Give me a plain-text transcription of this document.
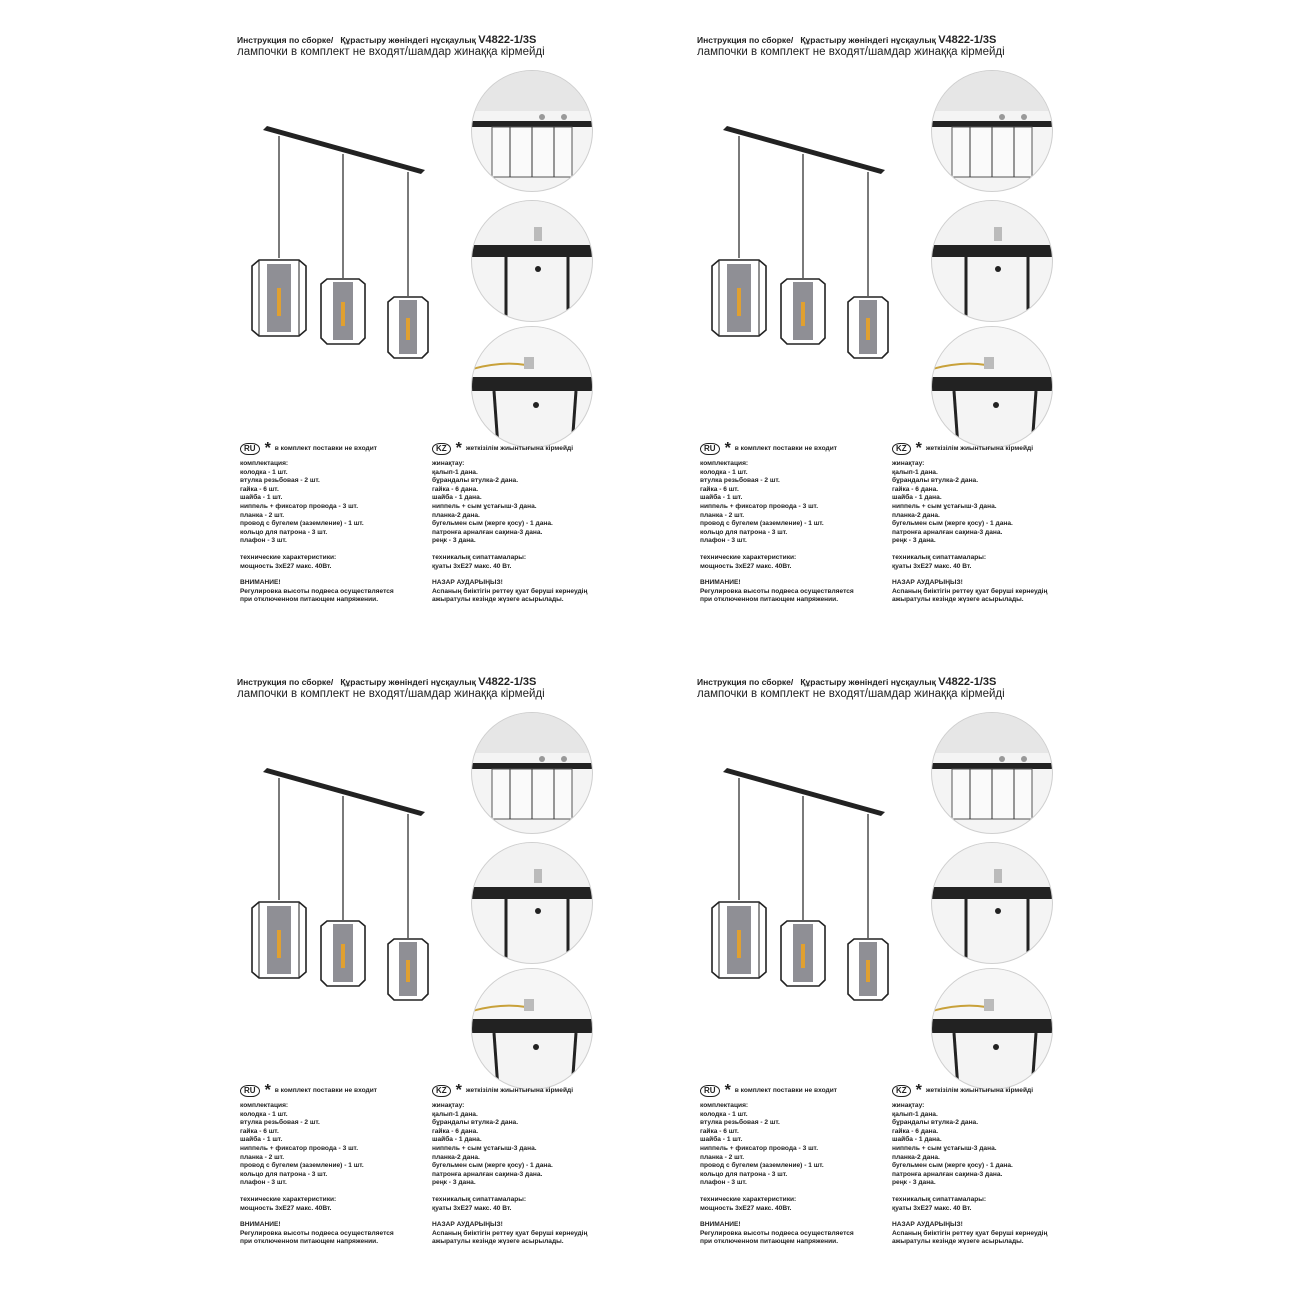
Инструкция по сборке/ Құрастыру жөніндегі нұсқаулық V4822-1/3S
лампочки в комплект не входят/шамдар жинаққа кірмейді
RU * в комплект поставки не входит
комплектация:
колодка - 1 шт.
втулка резьбовая - 2 шт.
гайка - 6 шт.
шайба - 1 шт.
ниппель + фиксатор провода - 3 шт.
планка - 2 шт.
провод с бугелем (заземление) - 1 шт.
кольцо для патрона - 3 шт.
плафон - 3 шт.
технические характеристики:
мощность 3хЕ27 макс. 40Вт.
ВНИМАНИЕ!
Регулировка высоты подвеса осуществляется
при отключенном питающем напряжении.
KZ * жеткізілім жиынтығына кірмейді
жинақтау:
қалып-1 дана.
бұрандалы втулка-2 дана.
гайка - 6 дана.
шайба - 1 дана.
ниппель + сым ұстағыш-3 дана.
планка-2 дана.
бугельмен сым (жерге қосу) - 1 дана.
патронға арналған сақина-3 дана.
реңк - 3 дана.
техникалық сипаттамалары:
қуаты 3хЕ27 макс. 40 Вт.
НАЗАР АУДАРЫҢЫЗ!
Аспаның биіктігін реттеу қуат беруші кернеудің
ажыратулы кезінде жүзеге асырылады.
Инструкция по сборке/ Құрастыру жөніндегі нұсқаулық V4822-1/3S
лампочки в комплект не входят/шамдар жинаққа кірмейді
RU * в комплект поставки не входит
комплектация:
колодка - 1 шт.
втулка резьбовая - 2 шт.
гайка - 6 шт.
шайба - 1 шт.
ниппель + фиксатор провода - 3 шт.
планка - 2 шт.
провод с бугелем (заземление) - 1 шт.
кольцо для патрона - 3 шт.
плафон - 3 шт.
технические характеристики:
мощность 3хЕ27 макс. 40Вт.
ВНИМАНИЕ!
Регулировка высоты подвеса осуществляется
при отключенном питающем напряжении.
KZ * жеткізілім жиынтығына кірмейді
жинақтау:
қалып-1 дана.
бұрандалы втулка-2 дана.
гайка - 6 дана.
шайба - 1 дана.
ниппель + сым ұстағыш-3 дана.
планка-2 дана.
бугельмен сым (жерге қосу) - 1 дана.
патронға арналған сақина-3 дана.
реңк - 3 дана.
техникалық сипаттамалары:
қуаты 3хЕ27 макс. 40 Вт.
НАЗАР АУДАРЫҢЫЗ!
Аспаның биіктігін реттеу қуат беруші кернеудің
ажыратулы кезінде жүзеге асырылады.
Инструкция по сборке/ Құрастыру жөніндегі нұсқаулық V4822-1/3S
лампочки в комплект не входят/шамдар жинаққа кірмейді
RU * в комплект поставки не входит
комплектация:
колодка - 1 шт.
втулка резьбовая - 2 шт.
гайка - 6 шт.
шайба - 1 шт.
ниппель + фиксатор провода - 3 шт.
планка - 2 шт.
провод с бугелем (заземление) - 1 шт.
кольцо для патрона - 3 шт.
плафон - 3 шт.
технические характеристики:
мощность 3хЕ27 макс. 40Вт.
ВНИМАНИЕ!
Регулировка высоты подвеса осуществляется
при отключенном питающем напряжении.
KZ * жеткізілім жиынтығына кірмейді
жинақтау:
қалып-1 дана.
бұрандалы втулка-2 дана.
гайка - 6 дана.
шайба - 1 дана.
ниппель + сым ұстағыш-3 дана.
планка-2 дана.
бугельмен сым (жерге қосу) - 1 дана.
патронға арналған сақина-3 дана.
реңк - 3 дана.
техникалық сипаттамалары:
қуаты 3хЕ27 макс. 40 Вт.
НАЗАР АУДАРЫҢЫЗ!
Аспаның биіктігін реттеу қуат беруші кернеудің
ажыратулы кезінде жүзеге асырылады.
Инструкция по сборке/ Құрастыру жөніндегі нұсқаулық V4822-1/3S
лампочки в комплект не входят/шамдар жинаққа кірмейді
RU * в комплект поставки не входит
комплектация:
колодка - 1 шт.
втулка резьбовая - 2 шт.
гайка - 6 шт.
шайба - 1 шт.
ниппель + фиксатор провода - 3 шт.
планка - 2 шт.
провод с бугелем (заземление) - 1 шт.
кольцо для патрона - 3 шт.
плафон - 3 шт.
технические характеристики:
мощность 3хЕ27 макс. 40Вт.
ВНИМАНИЕ!
Регулировка высоты подвеса осуществляется
при отключенном питающем напряжении.
KZ * жеткізілім жиынтығына кірмейді
жинақтау:
қалып-1 дана.
бұрандалы втулка-2 дана.
гайка - 6 дана.
шайба - 1 дана.
ниппель + сым ұстағыш-3 дана.
планка-2 дана.
бугельмен сым (жерге қосу) - 1 дана.
патронға арналған сақина-3 дана.
реңк - 3 дана.
техникалық сипаттамалары:
қуаты 3хЕ27 макс. 40 Вт.
НАЗАР АУДАРЫҢЫЗ!
Аспаның биіктігін реттеу қуат беруші кернеудің
ажыратулы кезінде жүзеге асырылады.
